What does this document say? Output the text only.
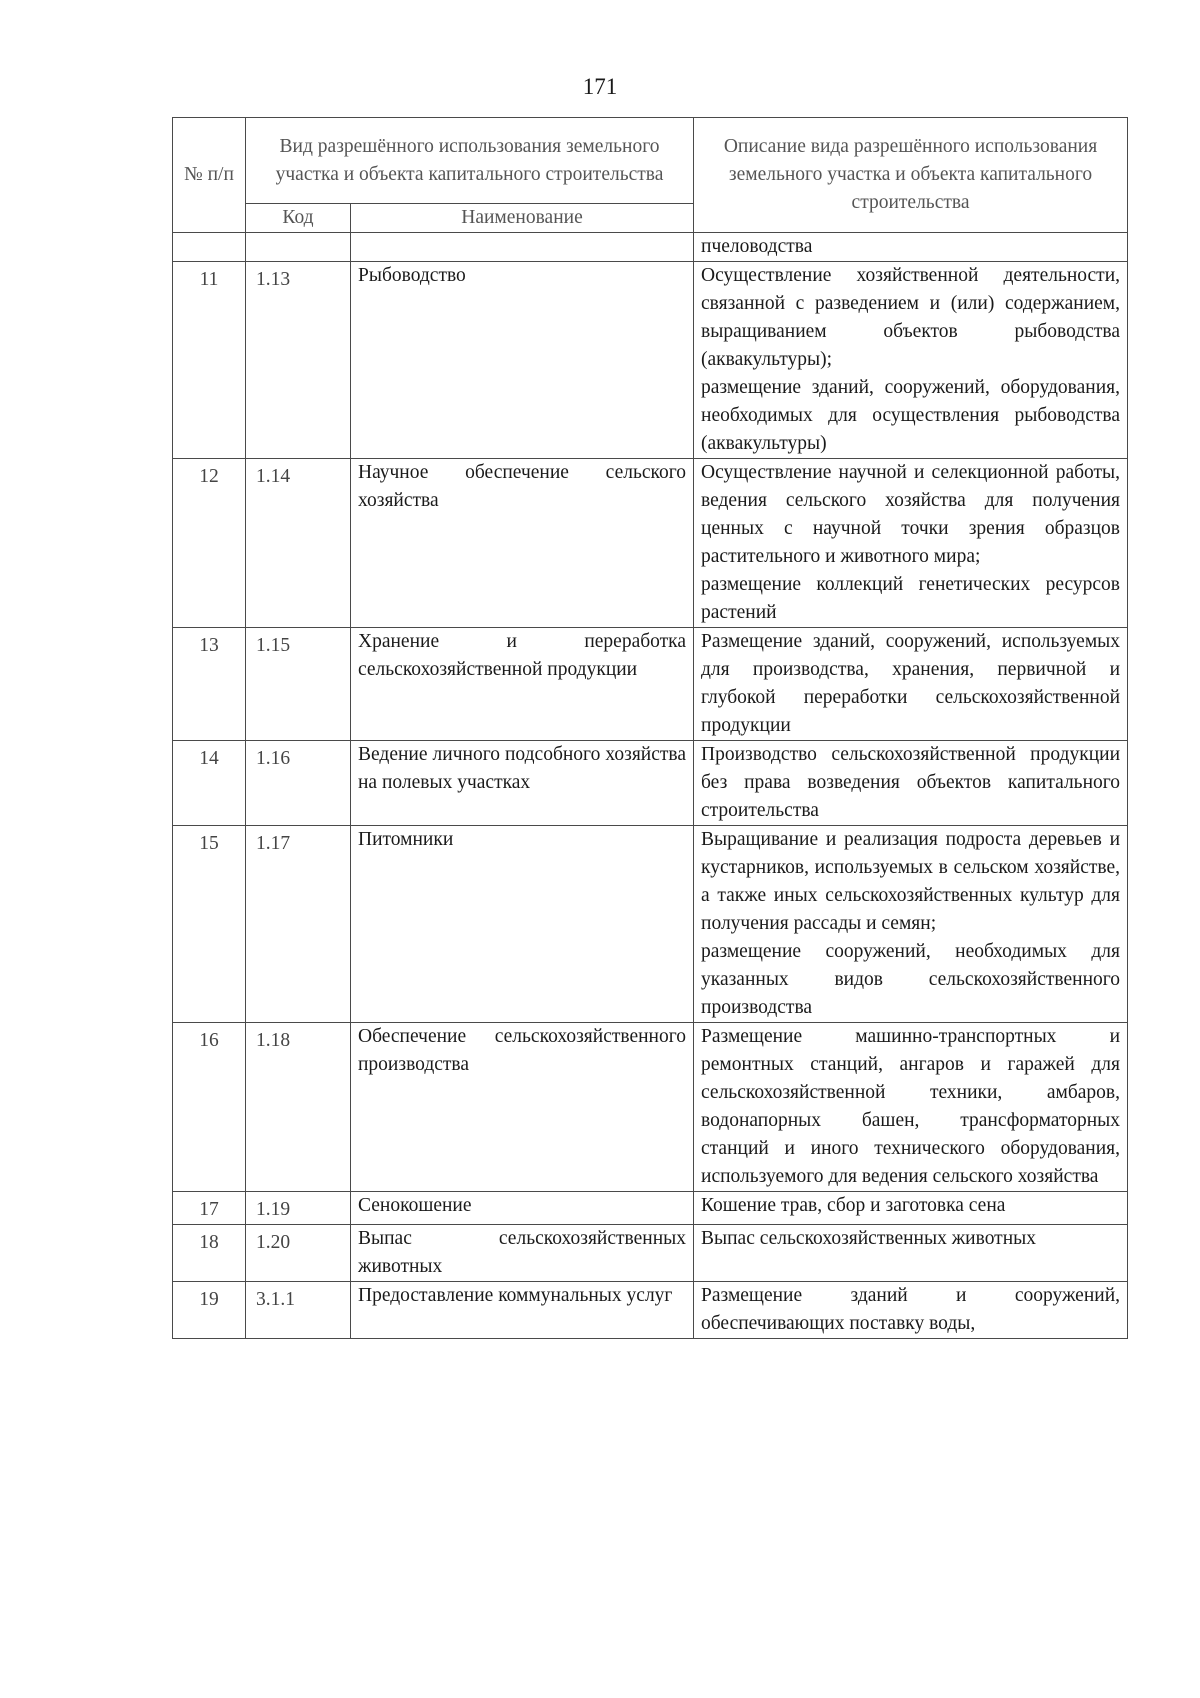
171
№ п/п	Вид разрешённого использования земельного участка и объекта капитального строительства		Описание вида разрешённого использования земельного участка и объекта капитального строительства
	Код	Наименование	
			пчеловодства
11	1.13	Рыбоводство	Осуществление хозяйственной деятельности, связанной с разведением и (или) содержанием, выращиванием объектов рыбоводства (аквакультуры);
размещение зданий, сооружений, оборудования, необходимых для осуществления рыбоводства (аквакультуры)

12	1.14	Научное обеспечение сельского хозяйства	Осуществление научной и селекционной работы, ведения сельского хозяйства для получения ценных с научной точки зрения образцов растительного и животного мира;
размещение коллекций генетических ресурсов растений

13	1.15	Хранение и переработка сельскохозяйственной продукции	Размещение зданий, сооружений, используемых для производства, хранения, первичной и глубокой переработки сельскохозяйственной продукции

14	1.16	Ведение личного подсобного хозяйства на полевых участках	Производство сельскохозяйственной продукции без права возведения объектов капитального строительства

15	1.17	Питомники	Выращивание и реализация подроста деревьев и кустарников, используемых в сельском хозяйстве, а также иных сельскохозяйственных культур для получения рассады и семян;
размещение сооружений, необходимых для указанных видов сельскохозяйственного производства

16	1.18	Обеспечение сельскохозяйственного производства	Размещение машинно-транспортных и ремонтных станций, ангаров и гаражей для сельскохозяйственной техники, амбаров, водонапорных башен, трансформаторных станций и иного технического оборудования, используемого для ведения сельского хозяйства

17	1.19	Сенокошение	Кошение трав, сбор и заготовка сена

18	1.20	Выпас сельскохозяйственных животных	Выпас сельскохозяйственных животных

19	3.1.1	Предоставление коммунальных услуг	Размещение зданий и сооружений, обеспечивающих поставку воды,
